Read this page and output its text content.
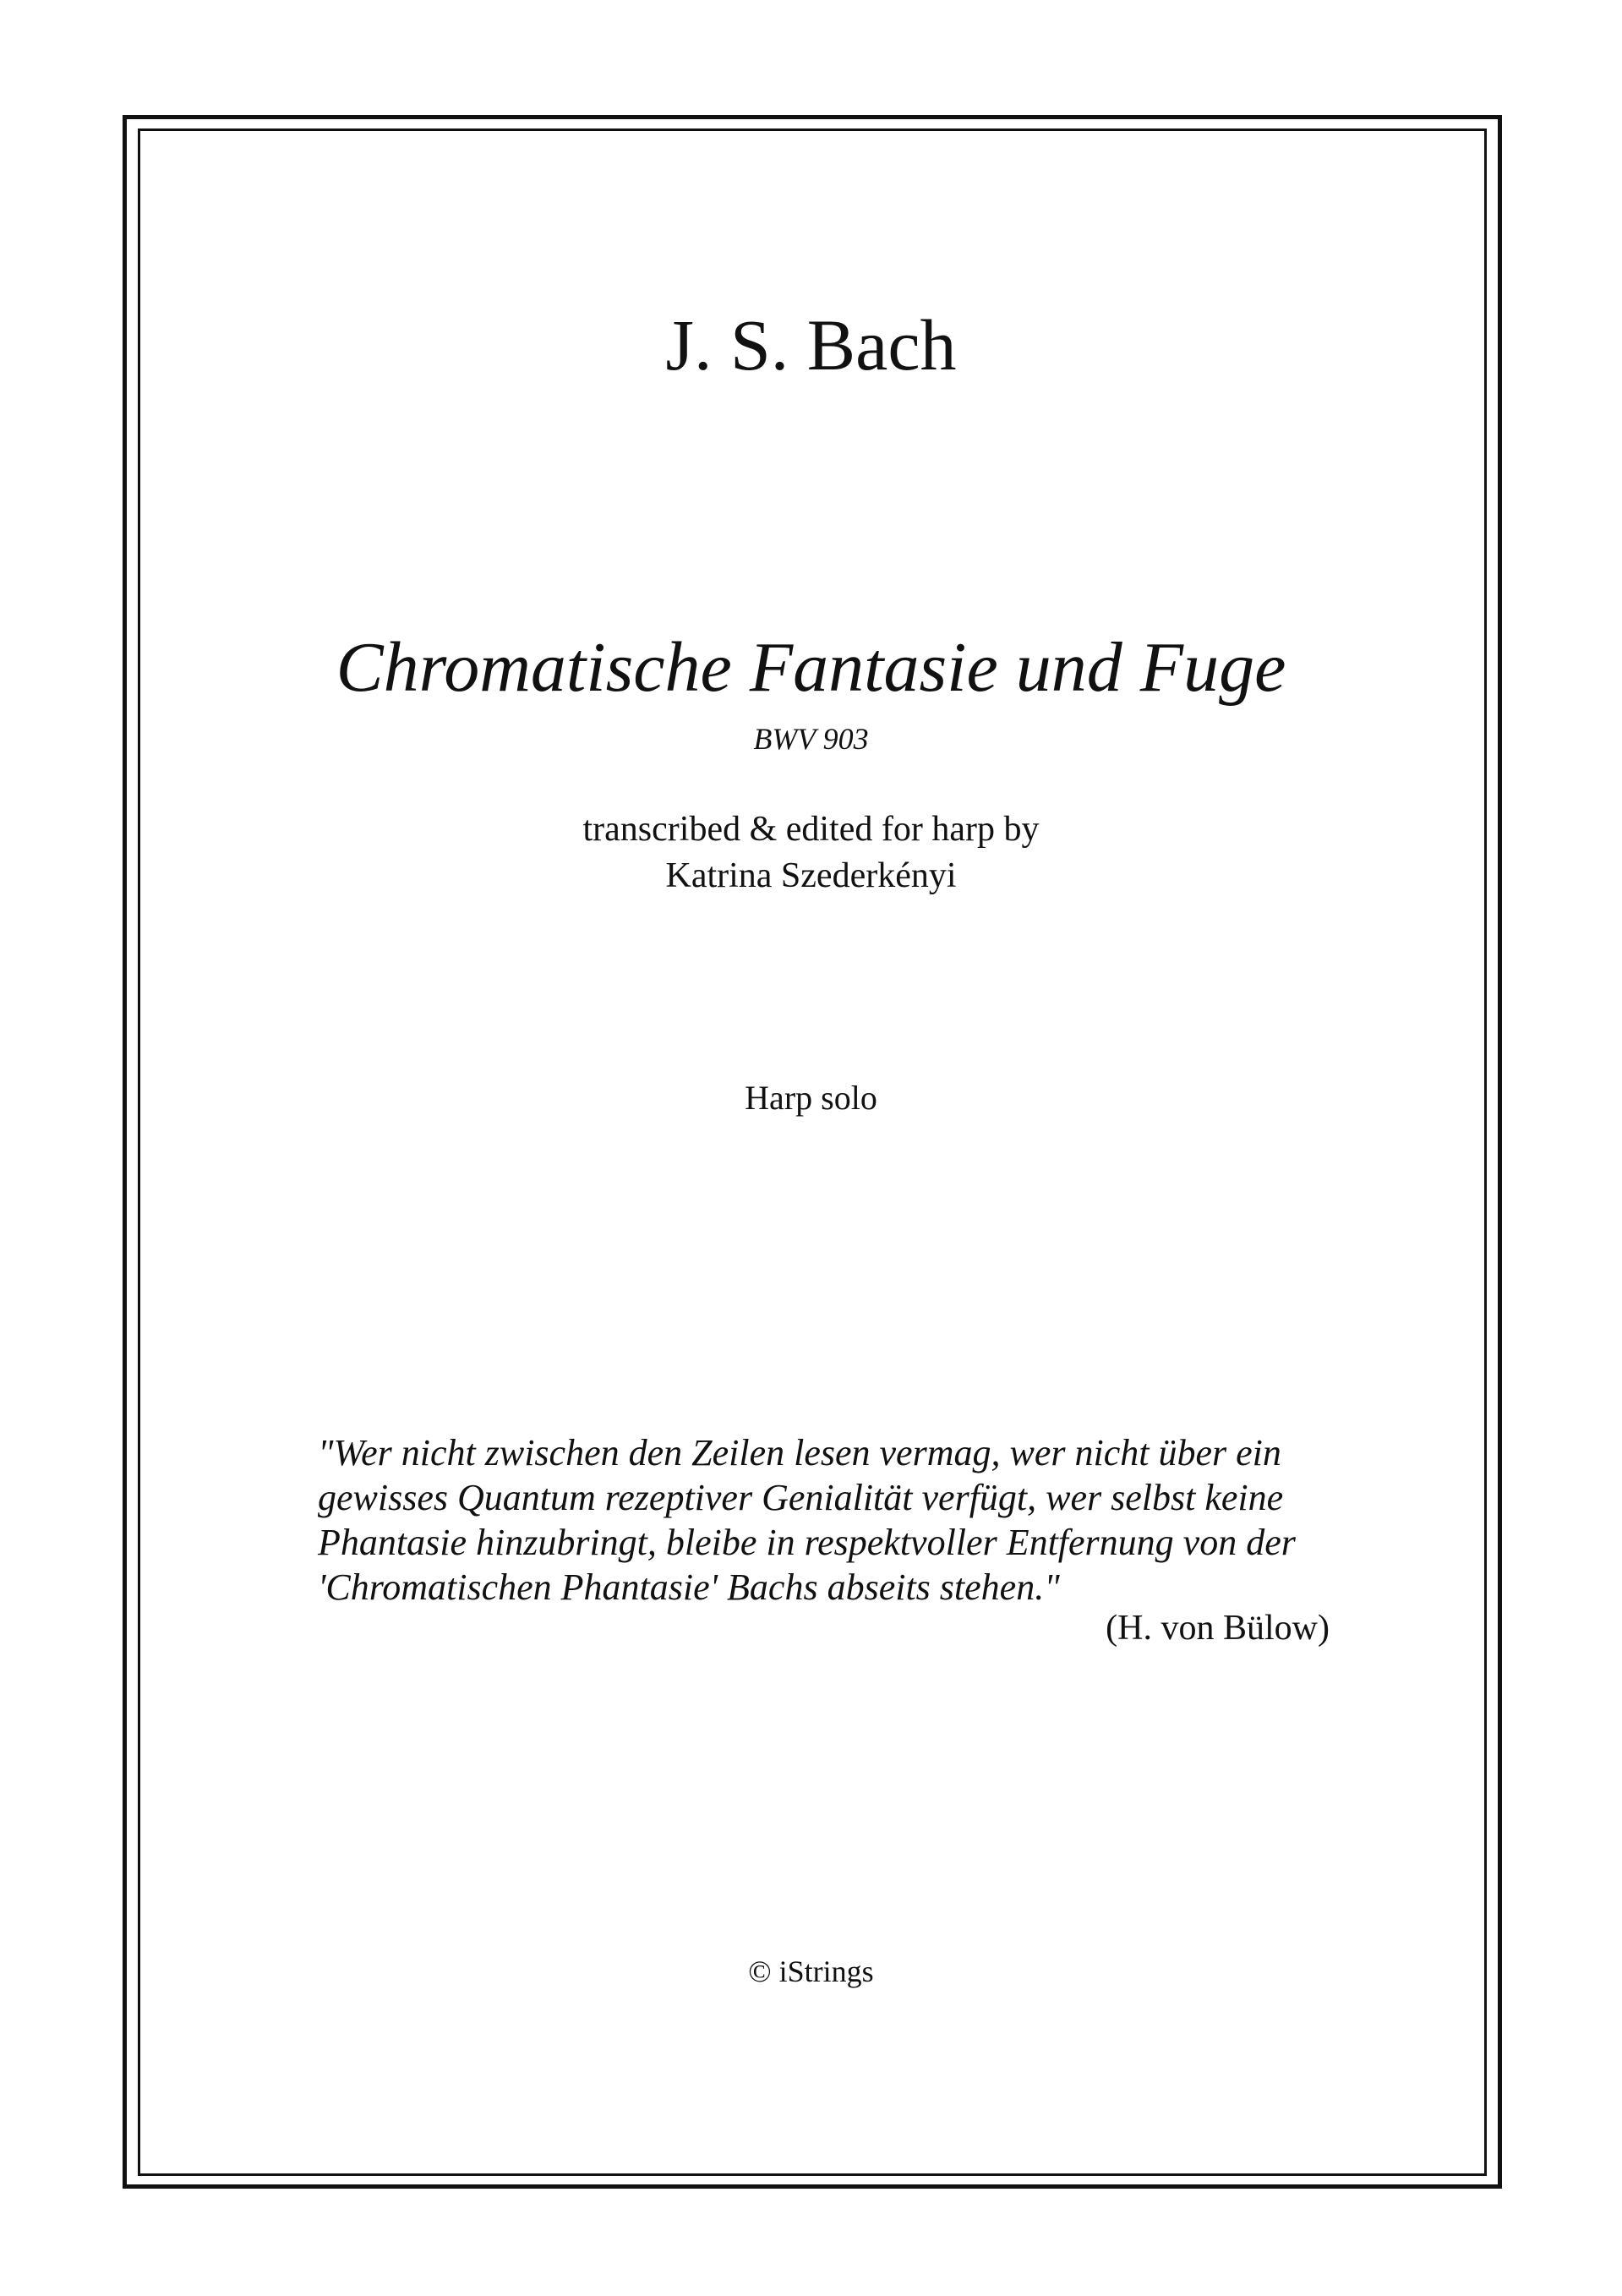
J. S. Bach
Chromatische Fantasie und Fuge
BWV 903
transcribed & edited for harp by
Katrina Szederkényi
Harp solo
"Wer nicht zwischen den Zeilen lesen vermag, wer nicht über ein
gewisses Quantum rezeptiver Genialität verfügt, wer selbst keine
Phantasie hinzubringt, bleibe in respektvoller Entfernung von der
'Chromatischen Phantasie' Bachs abseits stehen."
(H. von Bülow)
© iStrings
